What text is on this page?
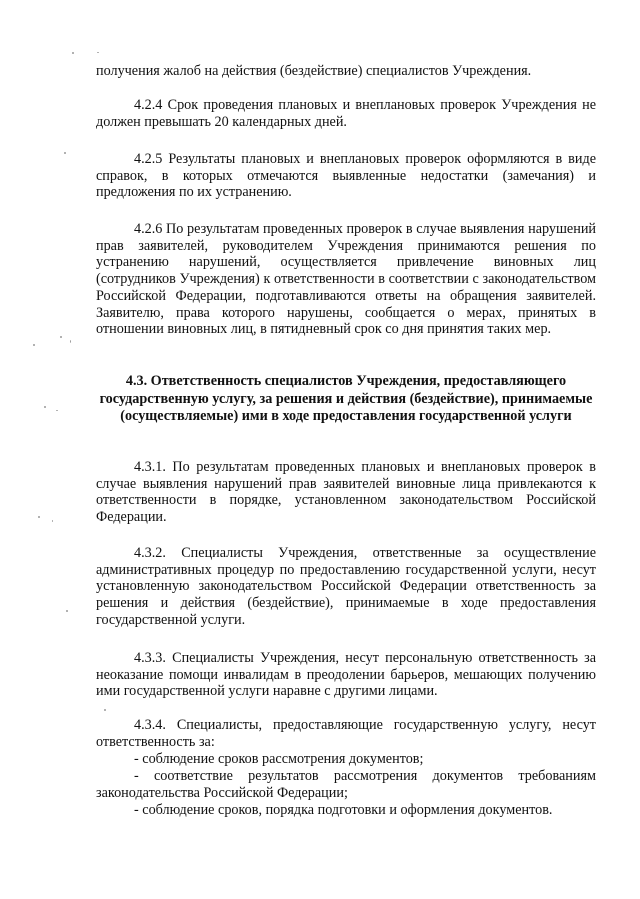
получения жалоб на действия (бездействие) специалистов Учреждения.
4.2.4 Срок проведения плановых и внеплановых проверок Учреждения не должен превышать 20 календарных дней.
4.2.5 Результаты плановых и внеплановых проверок оформляются в виде справок, в которых отмечаются выявленные недостатки (замечания) и предложения по их устранению.
4.2.6 По результатам проведенных проверок в случае выявления нарушений прав заявителей, руководителем Учреждения принимаются решения по устранению нарушений, осуществляется привлечение виновных лиц (сотрудников Учреждения) к ответственности в соответствии с законодательством Российской Федерации, подготавливаются ответы на обращения заявителей. Заявителю, права которого нарушены, сообщается о мерах, принятых в отношении виновных лиц, в пятидневный срок со дня принятия таких мер.
4.3. Ответственность специалистов Учреждения, предоставляющего государственную услугу, за решения и действия (бездействие), принимаемые (осуществляемые) ими в ходе предоставления государственной услуги
4.3.1. По результатам проведенных плановых и внеплановых проверок в случае выявления нарушений прав заявителей виновные лица привлекаются к ответственности в порядке, установленном законодательством Российской Федерации.
4.3.2. Специалисты Учреждения, ответственные за осуществление административных процедур по предоставлению государственной услуги, несут установленную законодательством Российской Федерации ответственность за решения и действия (бездействие), принимаемые в ходе предоставления государственной услуги.
4.3.3. Специалисты Учреждения, несут персональную ответственность за неоказание помощи инвалидам в преодолении барьеров, мешающих получению ими государственной услуги наравне с другими лицами.
4.3.4. Специалисты, предоставляющие государственную услугу, несут ответственность за:
- соблюдение сроков рассмотрения документов;
- соответствие результатов рассмотрения документов требованиям законодательства Российской Федерации;
- соблюдение сроков, порядка подготовки и оформления документов.
